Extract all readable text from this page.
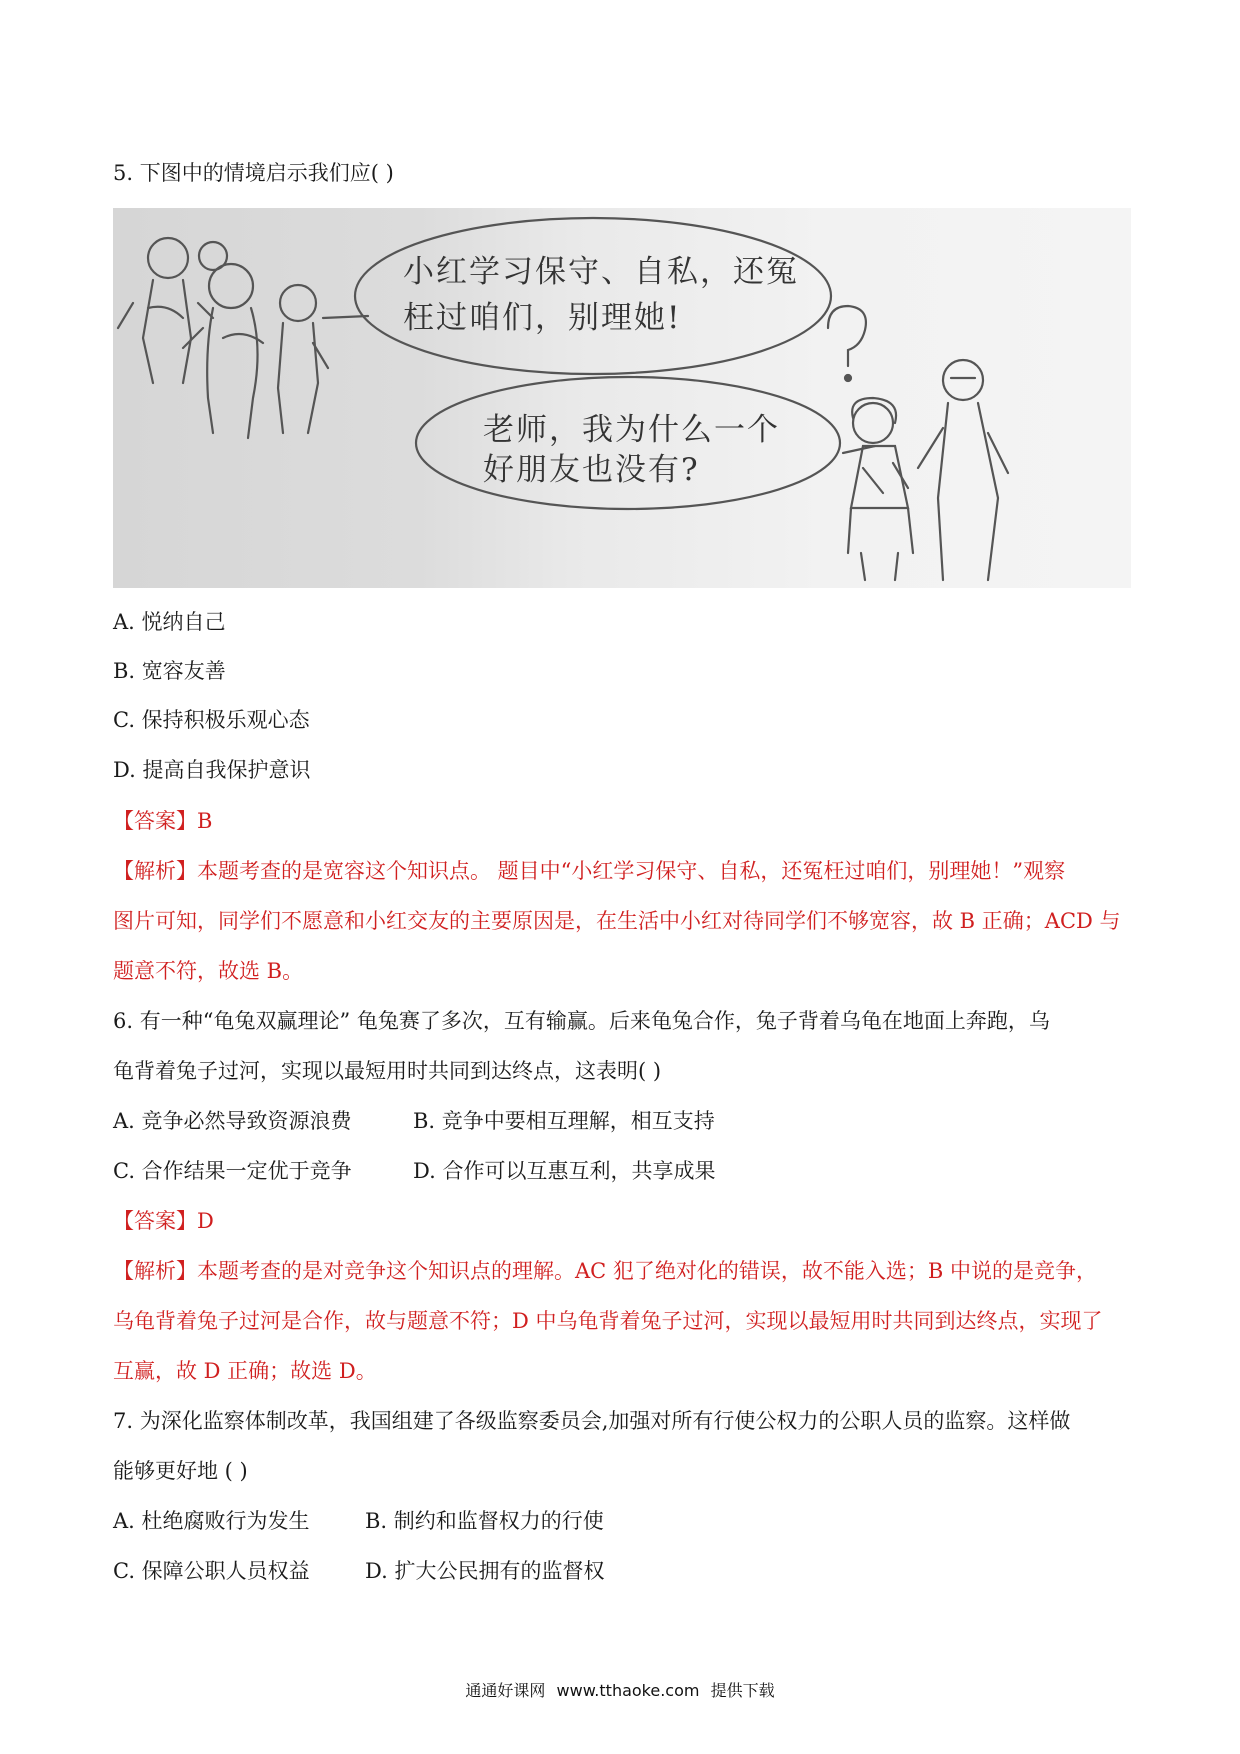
5. 下图中的情境启示我们应( )
小红学习保守、自私，还冤
枉过咱们，别理她!
老师，我为什么一个
好朋友也没有?
A. 悦纳自己
B. 宽容友善
C. 保持积极乐观心态
D. 提高自我保护意识
【答案】B
【解析】本题考查的是宽容这个知识点。 题目中“小红学习保守、自私，还冤枉过咱们，别理她！”观察
图片可知，同学们不愿意和小红交友的主要原因是，在生活中小红对待同学们不够宽容，故 B 正确；ACD 与
题意不符，故选 B。
6. 有一种“龟兔双赢理论” 龟兔赛了多次，互有输赢。后来龟兔合作，兔子背着乌龟在地面上奔跑，乌
龟背着兔子过河，实现以最短用时共同到达终点，这表明( )
A. 竞争必然导致资源浪费	B. 竞争中要相互理解，相互支持
C. 合作结果一定优于竞争	D. 合作可以互惠互利，共享成果
【答案】D
【解析】本题考查的是对竞争这个知识点的理解。AC 犯了绝对化的错误，故不能入选；B 中说的是竞争，
乌龟背着兔子过河是合作，故与题意不符；D 中乌龟背着兔子过河，实现以最短用时共同到达终点，实现了
互赢，故 D 正确；故选 D。
7. 为深化监察体制改革，我国组建了各级监察委员会,加强对所有行使公权力的公职人员的监察。这样做
能够更好地 ( )
A. 杜绝腐败行为发生	B. 制约和监督权力的行使
C. 保障公职人员权益	D. 扩大公民拥有的监督权
通通好课网 www.tthaoke.com 提供下载
